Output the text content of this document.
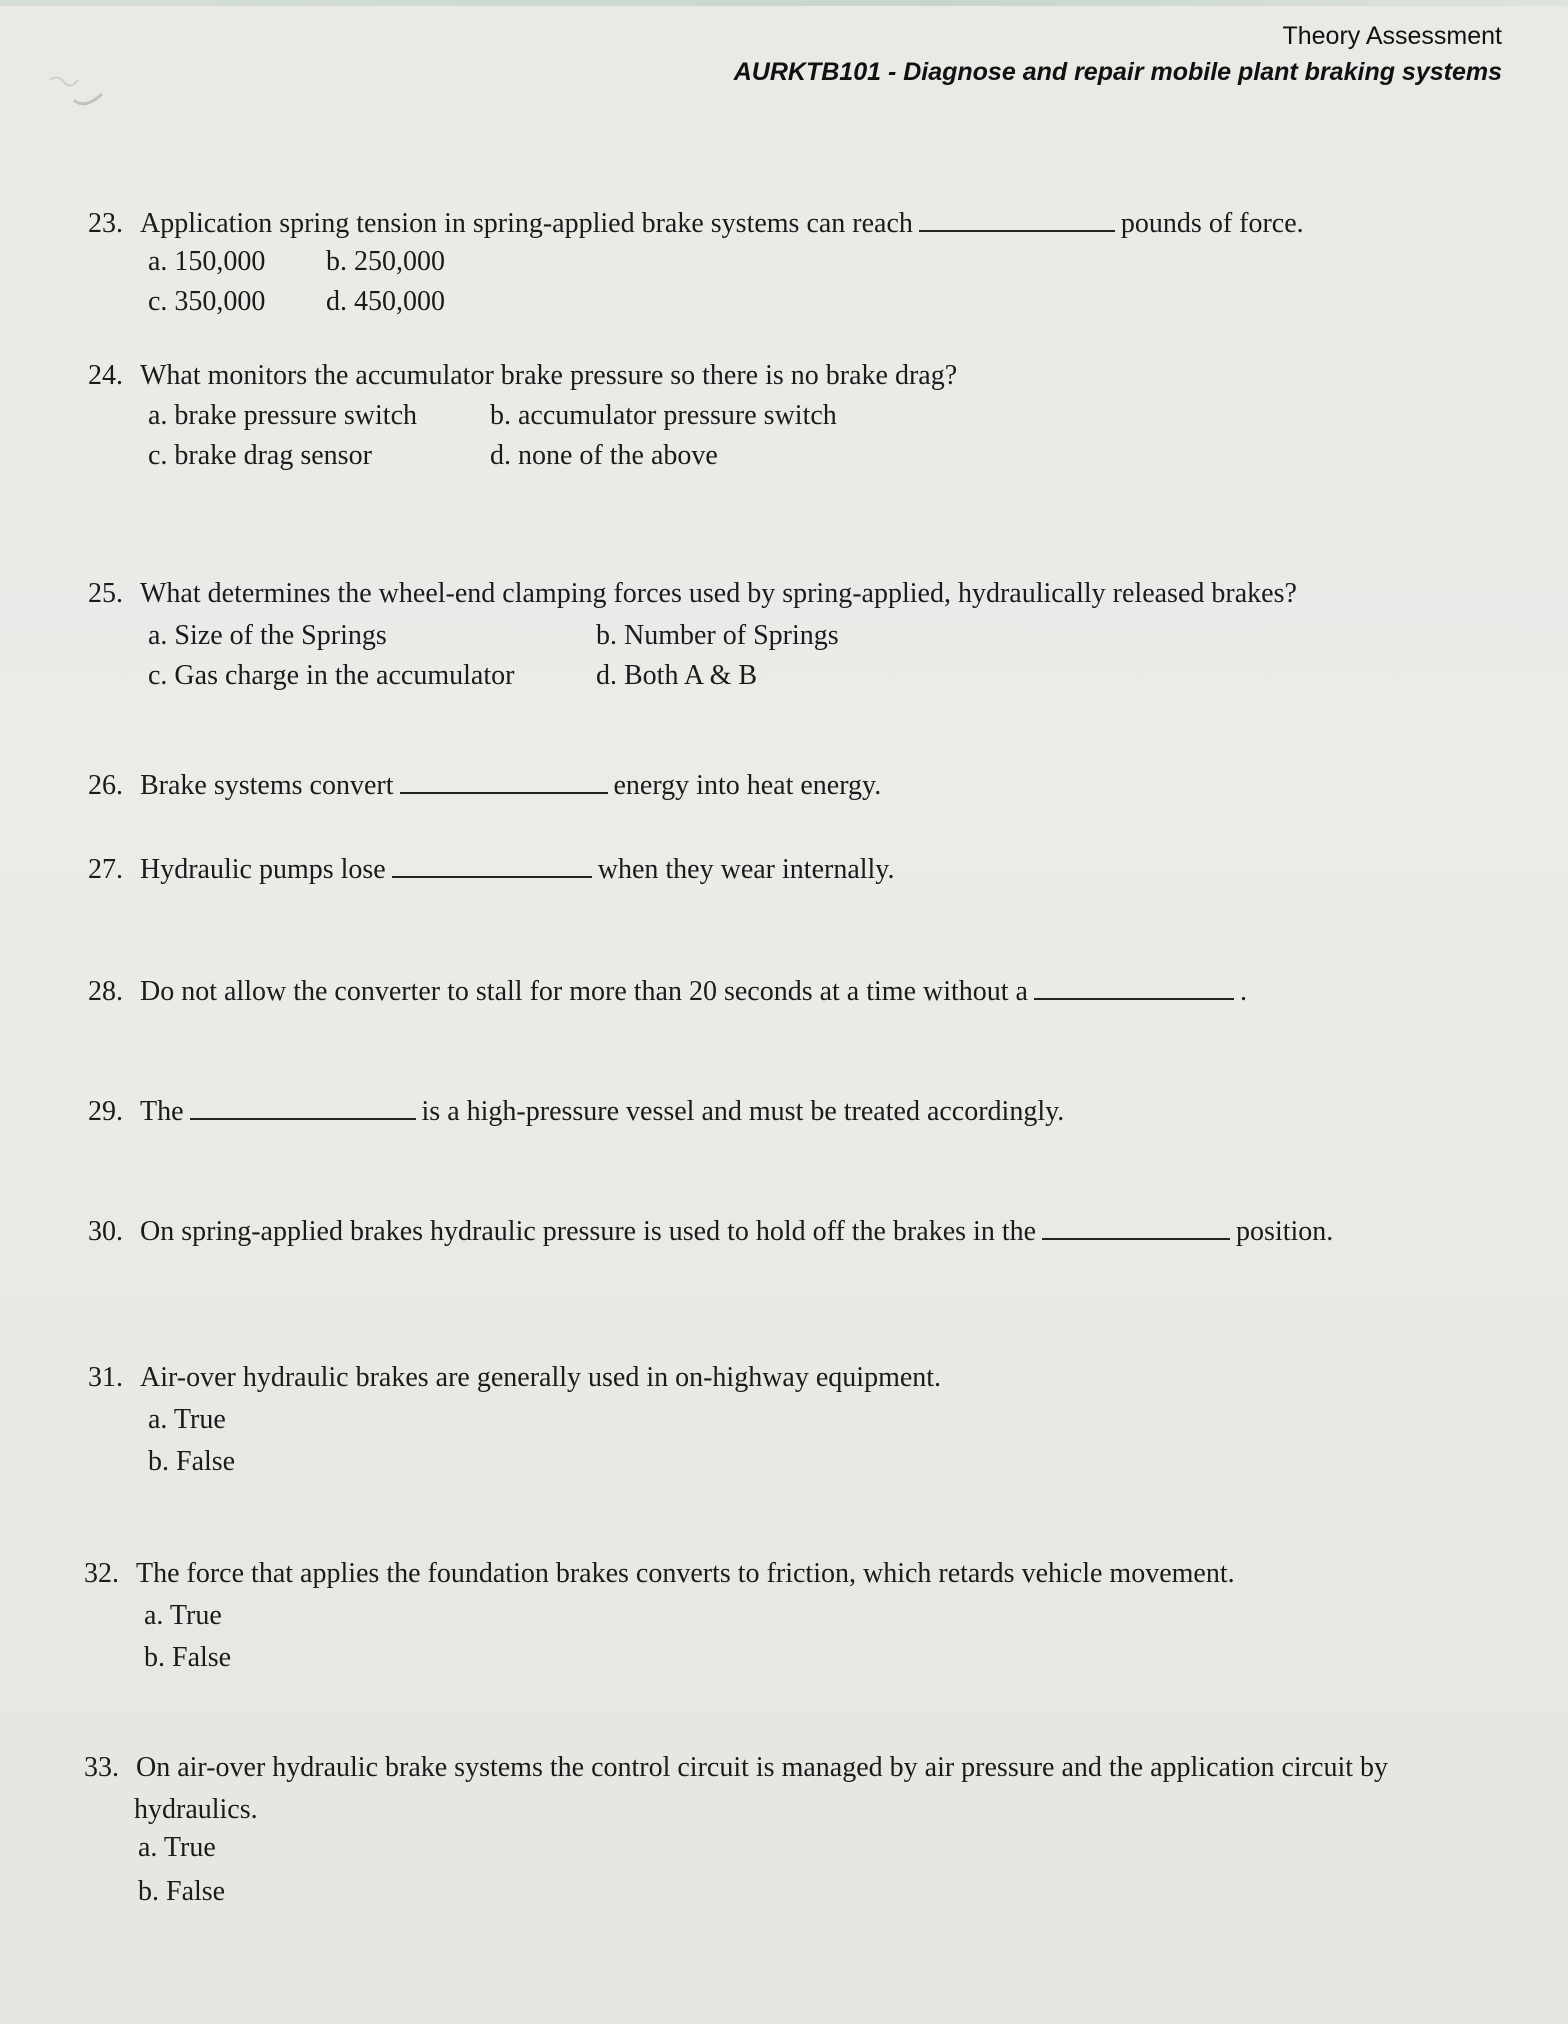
Theory Assessment
AURKTB101 - Diagnose and repair mobile plant braking systems
23. Application spring tension in spring-applied brake systems can reach	pounds of force.
a. 150,000 b. 250,000
c. 350,000 d. 450,000
24. What monitors the accumulator brake pressure so there is no brake drag?
a. brake pressure switch	b. accumulator pressure switch
c. brake drag sensor	d. none of the above
25. What determines the wheel-end clamping forces used by spring-applied, hydraulically released brakes?
a. Size of the Springs	b. Number of Springs
c. Gas charge in the accumulator	d. Both A & B
26. Brake systems convert	energy into heat energy.
27. Hydraulic pumps lose	when they wear internally.
28. Do not allow the converter to stall for more than 20 seconds at a time without a	.
29. The	is a high-pressure vessel and must be treated accordingly.
30. On spring-applied brakes hydraulic pressure is used to hold off the brakes in the	position.
31. Air-over hydraulic brakes are generally used in on-highway equipment.
a. True
b. False
32. The force that applies the foundation brakes converts to friction, which retards vehicle movement.
a. True
b. False
33. On air-over hydraulic brake systems the control circuit is managed by air pressure and the application circuit by
hydraulics.
a. True
b. False
